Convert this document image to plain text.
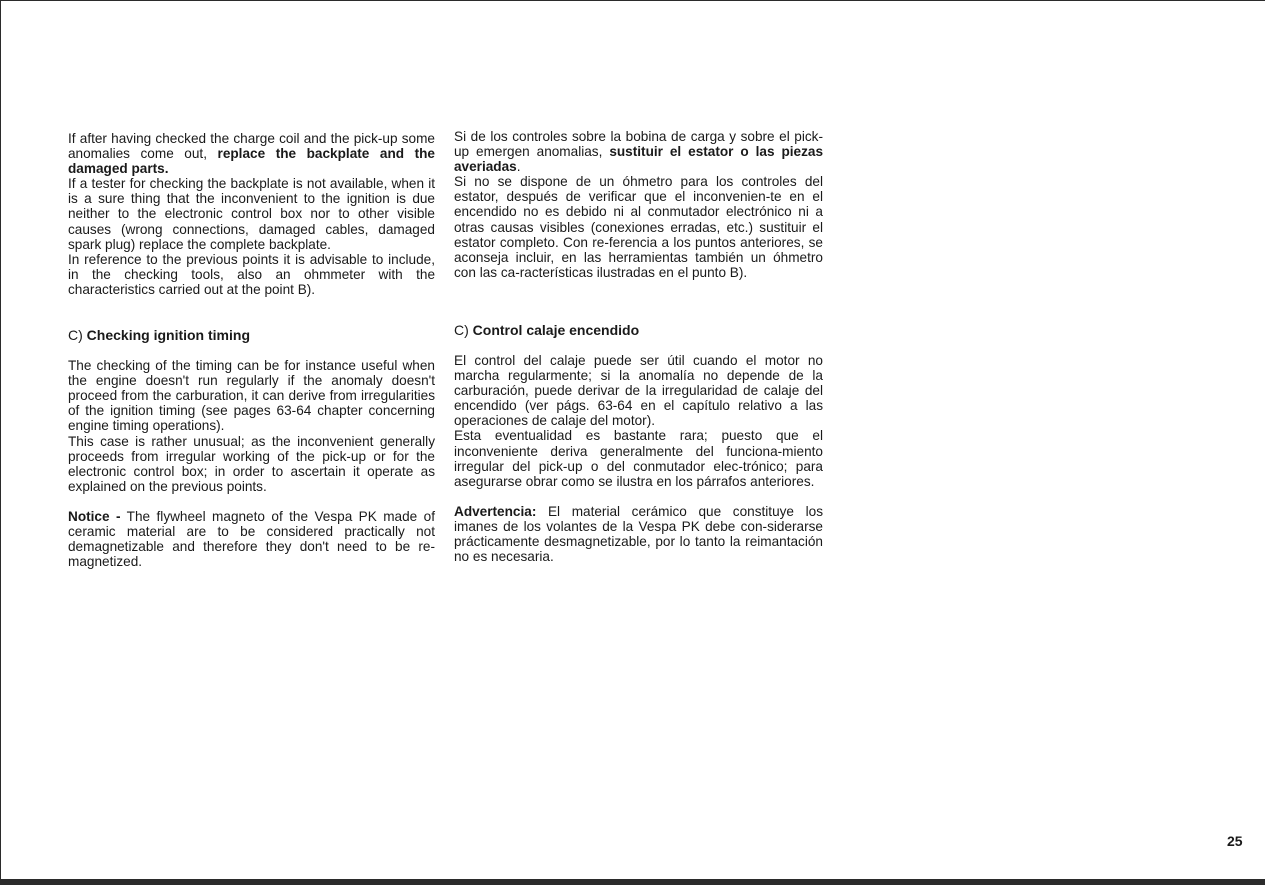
If after having checked the charge coil and the pick-up some anomalies come out, replace the backplate and the damaged parts.

If a tester for checking the backplate is not available, when it is a sure thing that the inconvenient to the ignition is due neither to the electronic control box nor to other visible causes (wrong connections, damaged cables, damaged spark plug) replace the complete backplate.

In reference to the previous points it is advisable to include, in the checking tools, also an ohmmeter with the characteristics carried out at the point B).

C) Checking ignition timing

The checking of the timing can be for instance useful when the engine doesn't run regularly if the anomaly doesn't proceed from the carburation, it can derive from irregularities of the ignition timing (see pages 63-64 chapter concerning engine timing operations).

This case is rather unusual; as the inconvenient generally proceeds from irregular working of the pick-up or for the electronic control box; in order to ascertain it operate as explained on the previous points.

Notice - The flywheel magneto of the Vespa PK made of ceramic material are to be considered practically not demagnetizable and therefore they don't need to be re-magnetized.

Si de los controles sobre la bobina de carga y sobre el pick-up emergen anomalias, sustituir el estator o las piezas averiadas.

Si no se dispone de un óhmetro para los controles del estator, después de verificar que el inconvenien-te en el encendido no es debido ni al conmutador electrónico ni a otras causas visibles (conexiones erradas, etc.) sustituir el estator completo. Con re-ferencia a los puntos anteriores, se aconseja incluir, en las herramientas también un óhmetro con las ca-racterísticas ilustradas en el punto B).

C) Control calaje encendido

El control del calaje puede ser útil cuando el motor no marcha regularmente; si la anomalía no depende de la carburación, puede derivar de la irregularidad de calaje del encendido (ver págs. 63-64 en el capítulo relativo a las operaciones de calaje del motor).

Esta eventualidad es bastante rara; puesto que el inconveniente deriva generalmente del funciona-miento irregular del pick-up o del conmutador elec-trónico; para asegurarse obrar como se ilustra en los párrafos anteriores.

Advertencia: El material cerámico que constituye los imanes de los volantes de la Vespa PK debe con-siderarse prácticamente desmagnetizable, por lo tanto la reimantación no es necesaria.

25
